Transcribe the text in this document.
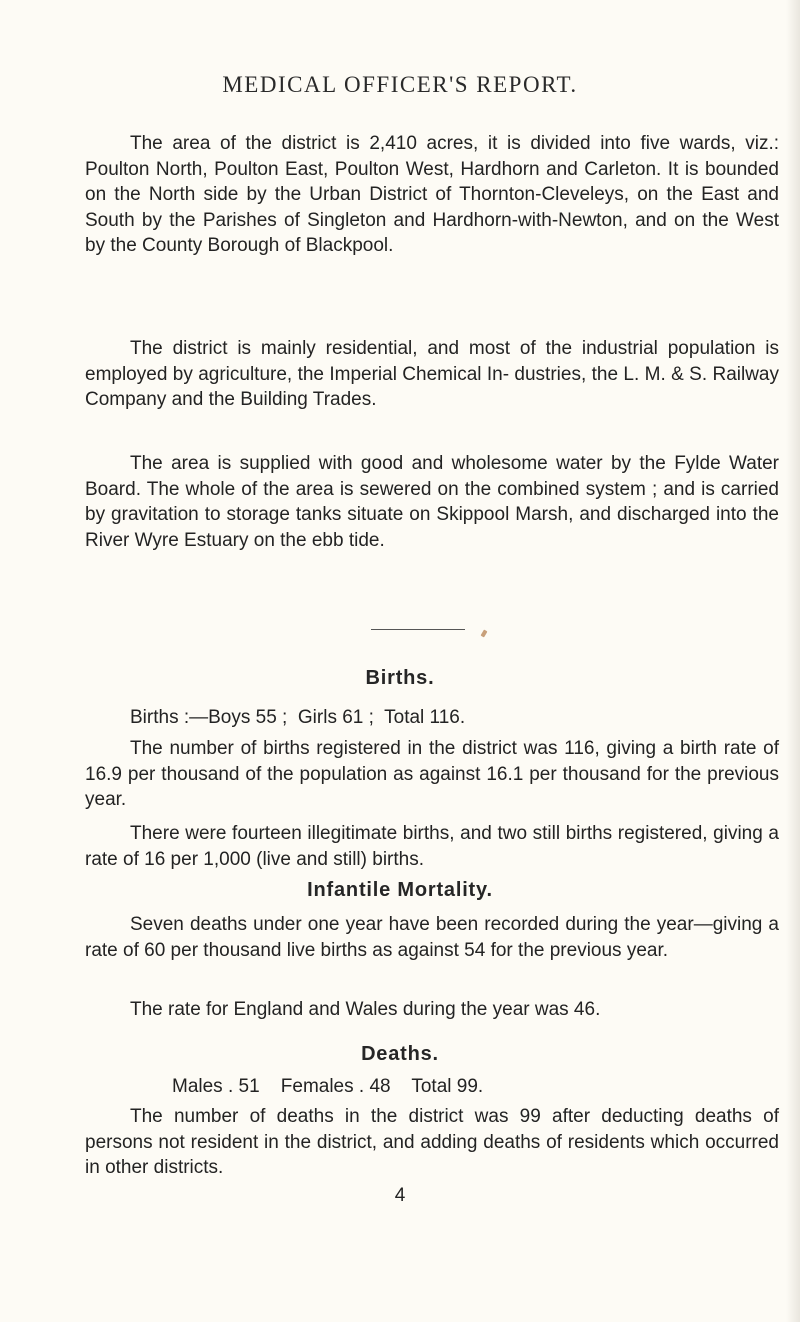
MEDICAL OFFICER'S REPORT.

The area of the district is 2,410 acres, it is divided into five wards, viz.: Poulton North, Poulton East, Poulton West, Hardhorn and Carleton. It is bounded on the North side by the Urban District of Thornton-Cleveleys, on the East and South by the Parishes of Singleton and Hardhorn-with-Newton, and on the West by the County Borough of Blackpool.

The district is mainly residential, and most of the industrial population is employed by agriculture, the Imperial Chemical In- dustries, the L. M. & S. Railway Company and the Building Trades.

The area is supplied with good and wholesome water by the Fylde Water Board. The whole of the area is sewered on the combined system ; and is carried by gravitation to storage tanks situate on Skippool Marsh, and discharged into the River Wyre Estuary on the ebb tide.

Births.

Births :—Boys 55 ;  Girls 61 ;  Total 116.

The number of births registered in the district was 116, giving a birth rate of 16.9 per thousand of the population as against 16.1 per thousand for the previous year.

There were fourteen illegitimate births, and two still births registered, giving a rate of 16 per 1,000 (live and still) births.

Infantile Mortality.

Seven deaths under one year have been recorded during the year—giving a rate of 60 per thousand live births as against 54 for the previous year.

The rate for England and Wales during the year was 46.

Deaths.

Males . 51    Females . 48    Total 99.

The number of deaths in the district was 99 after deducting deaths of persons not resident in the district, and adding deaths of residents which occurred in other districts.

4
